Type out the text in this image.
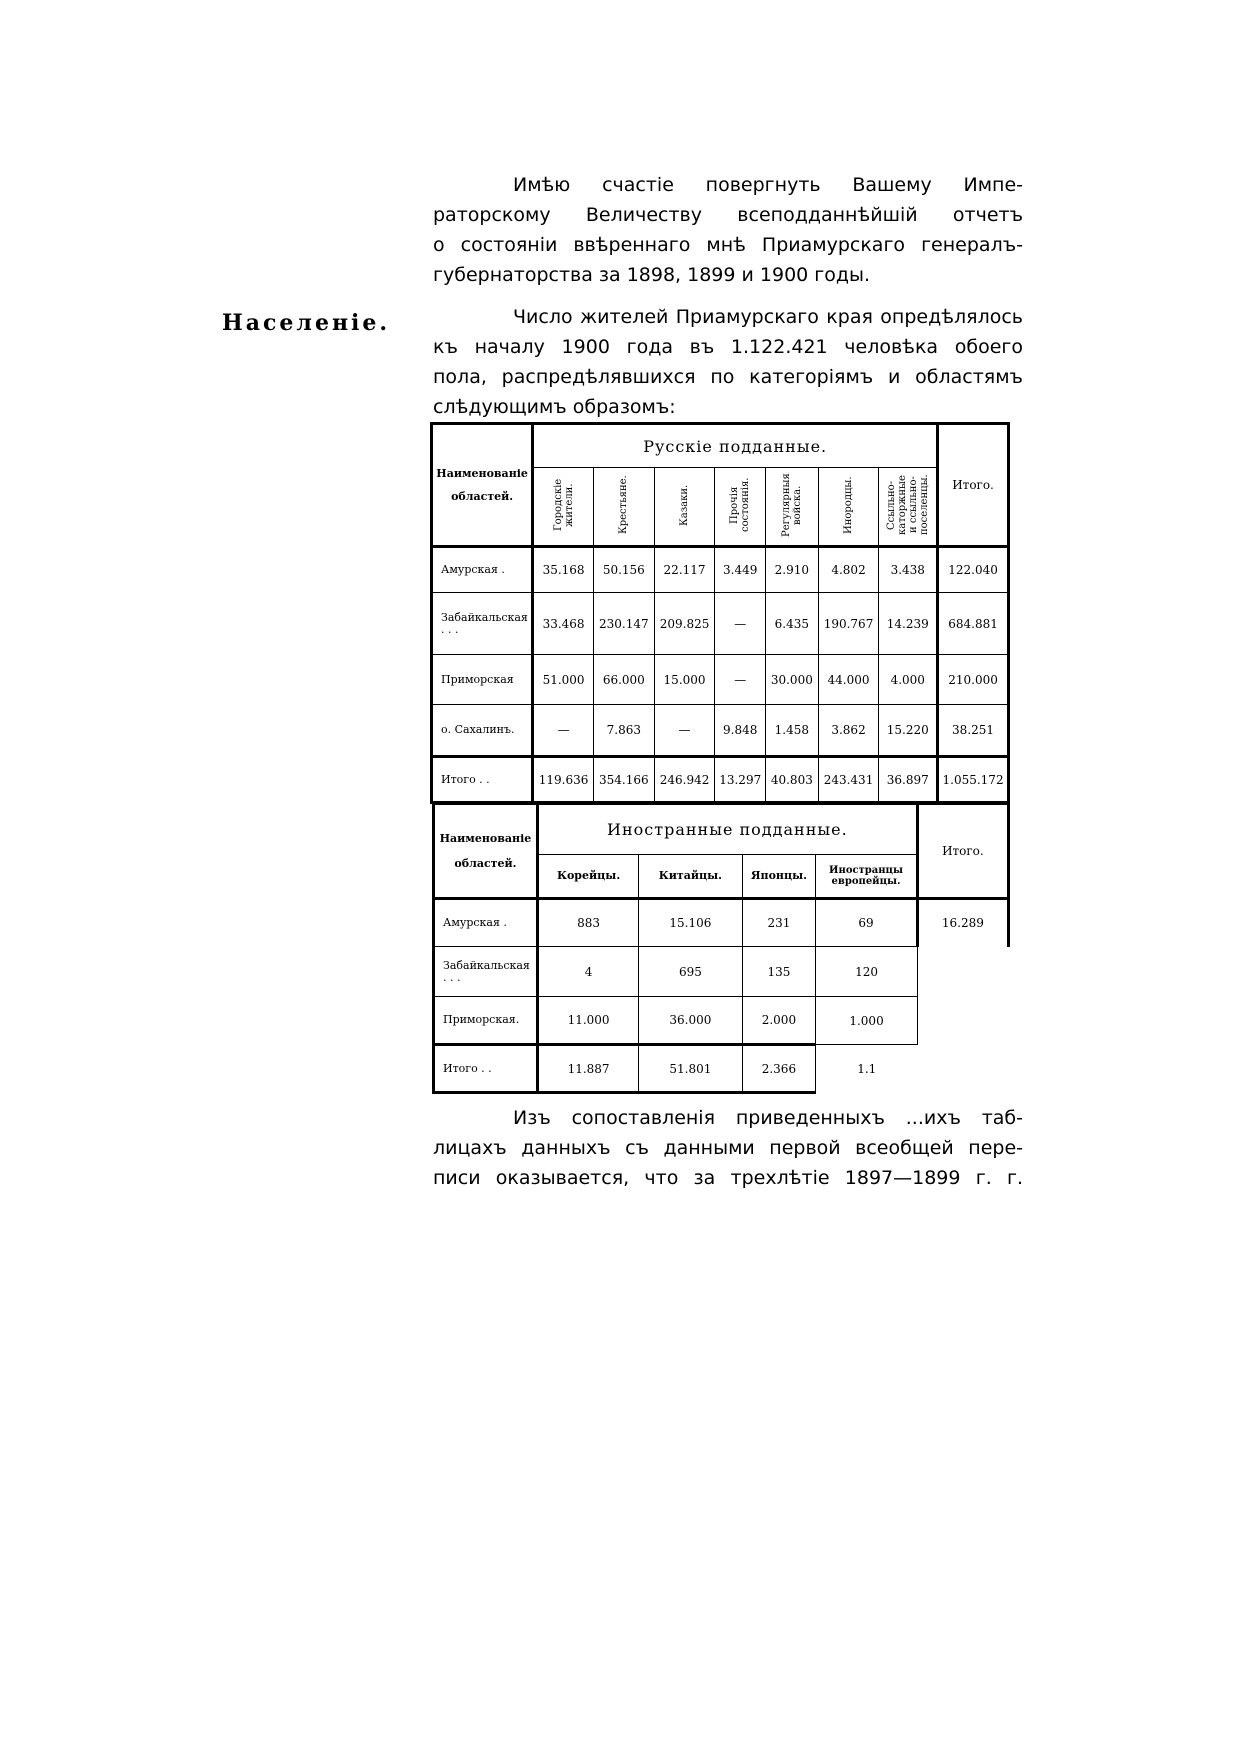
Имѣю счастіе повергнуть Вашему Импе-
раторскому Величеству всеподданнѣйшій отчетъ
о состояніи ввѣреннаго мнѣ Приамурскаго генералъ-
губернаторства за 1898, 1899 и 1900 годы.
Населеніе.	Число жителей Приамурскаго края опредѣлялось
къ началу 1900 года въ 1.122.421 человѣка обоего
пола, распредѣлявшихся по категоріямъ и областямъ
слѣдующимъ образомъ:
Наименованіе
областей.	Русскіе подданные.							Итого.
	Городскіе жители.	Крестьяне.	Казаки.	Прочія состоянія.	Регулярныя войска.	Инородцы.	Ссыльно-каторжные и ссыльно-поселенцы.	
Амурская .	35.168	50.156	22.117	3.449	2.910	4.802	3.438	122.040
Забайкальская . . .	33.468	230.147	209.825	—	6.435	190.767	14.239	684.881
Приморская	51.000	66.000	15.000	—	30.000	44.000	4.000	210.000
о. Сахалинъ.	—	7.863	—	9.848	1.458	3.862	15.220	38.251
Итого . .	119.636	354.166	246.942	13.297	40.803	243.431	36.897	1.055.172
Наименованіе
областей.	Иностранные подданные.				Итого.
	Корейцы.	Китайцы.	Японцы.	Иностранцы европейцы.	
Амурская .	883	15.106	231	69	16.289
Забайкальская . . .	4	695	135	120	
Приморская.	11.000	36.000	2.000	1.000	
Итого . .	11.887	51.801	2.366	1.1	
Изъ сопоставленія приведенныхъ ...ихъ таб-
лицахъ данныхъ съ данными первой всеобщей пере-
писи оказывается, что за трехлѣтіе 1897—1899 г. г.
